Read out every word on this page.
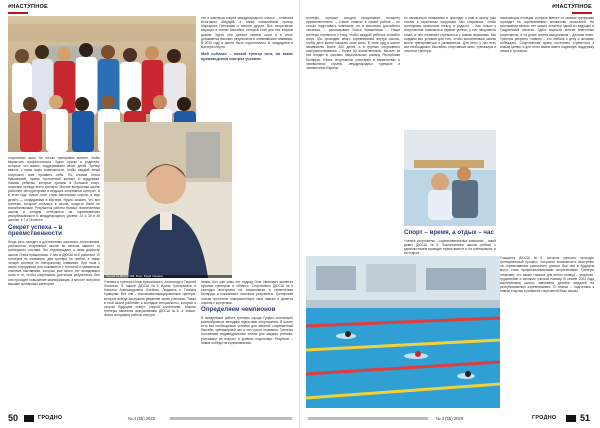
#НАСТУПНОЕ

тов и мастеров спорта международного класса – пловчиха Анастасия Шкурдай, а также олимпийский призер Маргарита Гречанова и многие другие. Все спортсмены выросли в стенах бассейна, который стал для них вторым домом. Здесь они делают первые шаги и в итоге добиваются высоких результатов в олимпийском плавании. В 2020 году в школе было подготовлено 11 кандидатов в мастера спорта.

Мой соблазн – новый тренер того, на какие произведения смотрят ученики.

спортивных школ. Не только тренировок хватает, чтобы вырастить профессионала. Здесь нужны и родители, которые, что важно, поддерживают своих детей. Тренер вместе с ними ищет возможности, чтобы каждый юный спортсмен смог проявить себя. По словам Ольги Кувшинской, нужны постоянный контакт и поддержка. Нашим ребятам, которые пришли в большой спорт, помогают прежде всего тренеры. Многие выпускники школы работают инструкторами в ведущих спортивных центрах. А в этом году только трое стали мастерами спорта, а еще десять — кандидатами в мастера. Нужно сказать, что все тренеры, которые остались в школе, когда-то были ее воспитанниками. Результаты работы налицо: воспитанники школы и сегодня отличаются на соревнованиях республиканского и международного уровня: 24 и 39 в 45 школах, в 7 и 16 места.

Секрет успеха – в преемственности

Когда речь заходит о достижениях школьных спортсменов, успешность спортивной школы во многом зависит от тренерского состава. Это подтверждает и сама директор школы Ольга Кувшинская. У нее в ДЮСШ №5 работают 10 тренеров по плаванию, два тренера по грэбле, а также четыре тренера по синхронному плаванию. При этом о своих сотрудниках она отзывается с теплотой и уважением: опытные наставники, которые уже много лет вкладывают силы в то, чтобы спортсмены достигали результатов. Все они проходят повышение квалификации, а многие получили высшие тренерские категории.

Сергей из ДЮСШ №5. Фото: Юрий Сакович.

Ученика и тренера Игорь Кувшинского, Александр и Георгий Лопатько. В нашей ДЮСШ №5 Ирина Григорьевна и Наталья Александровна Олейник, Людмила и Татьяна Кравцова. Все они – высококвалифицированные тренеры, которые всегда заслужили уважение своих учеников. Также в этой школе работают и молодые специалисты, которые в скором будущем станут опорой коллектива. Многие тренеры являются выпускниками ДЮСШ №5, а значит, знают специфику работы изнутри.

линии. Вот уже семь лет подряд Олег Иванович является лучшим тренером в области. Спортсмены ДЮСШ №5 ежегодно выступают на чемпионатах и первенствах Беларуси и показывают отличные результаты. Тренерский состав постоянно совершенствует свои навыки и делится опытом с коллегами.

Определяем чемпионов

В ежедневной работе тренеры города Гродно используют разнообразные методики подготовки спортсменов. В школе есть все необходимые условия для занятий: современный бассейн, тренажерный зал и зал сухого плавания. Тренеры составляют индивидуальные планы для каждого ученика, учитывают их возраст и уровень подготовки. Результат – новые победы на соревнованиях.

50	ГРОДНО	№ 4 (55) 2020
#НАСТУПНОЕ

тренеры, которые сегодня продолжают эстафету преемственности. – Самое главное в нашей работе – не только подготовить чемпиона, но и воспитать достойного человека, – рассказывает Ольга Кувшинская. – Наши тренеры стремятся к тому, чтобы каждый ребенок полюбил спорт. Мы проводим много соревнований внутри школы, чтобы дети могли показать свои силы. В этом году в школе занимаются более 600 детей, а в группах спортивного совершенствования – более 50 воспитанников. Многие из них входят в составы национальных команд Республики Беларусь. Юные спортсмены участвуют в первенствах и чемпионатах страны, международных турнирах и чемпионатах Европы.

по заниматься плаванием и приходят к нам в школу, уже готовы к серьезным нагрузкам. Мы стараемся, чтобы тренировки приносили пользу и радость. – Как только у спортсменов появляются первые успехи, у них загораются глаза, и они начинают стремиться к новым вершинам. Мы создаем все условия для того, чтобы воспитанники школы могли тренироваться и развиваться. Для этого у нас есть все необходимое: бассейны, спортивные залы, тренажеры и опытные тренеры.

начинающих пловцов, которые вместе со своими тренерами проходят на соревнованиях множество испытаний. На протяжении многих лет школа остается одной из ведущих в Гродненской области. Здесь выросли многие известные спортсмены, а на доске почета выпускников – десятки имен. Тренеры уверены: главное – это любовь к делу и желание побеждать. Спортсменам нужно постоянно стремиться к новым целям, а для этого важно иметь надежную поддержку семьи и тренеров.

Спорт – время, а отдых – час

Ученые спортсмены – соревновательные компании – такой девиз ДЮСШ №5. Воспитанники школы ребята с удовольствием проводят время вместе и на тренировках, и на отдыхе.

Учащиеся ДЮСШ №5, которые успешно проходят тренировочный процесс, получают возможность выступать на соревнованиях различного уровня. Все они в будущем могут стать профессиональными спортсменами. Тренеры отмечают, что самое главное для юного пловца – упорство, трудолюбие и желание учиться новому. В сезоне 2020 года воспитанники школы завоевали десятки медалей на республиканских соревнованиях. В планах – подготовка к новым стартам и развитие спортивной базы школы.

№ 4 (55) 2020	ГРОДНО	51
